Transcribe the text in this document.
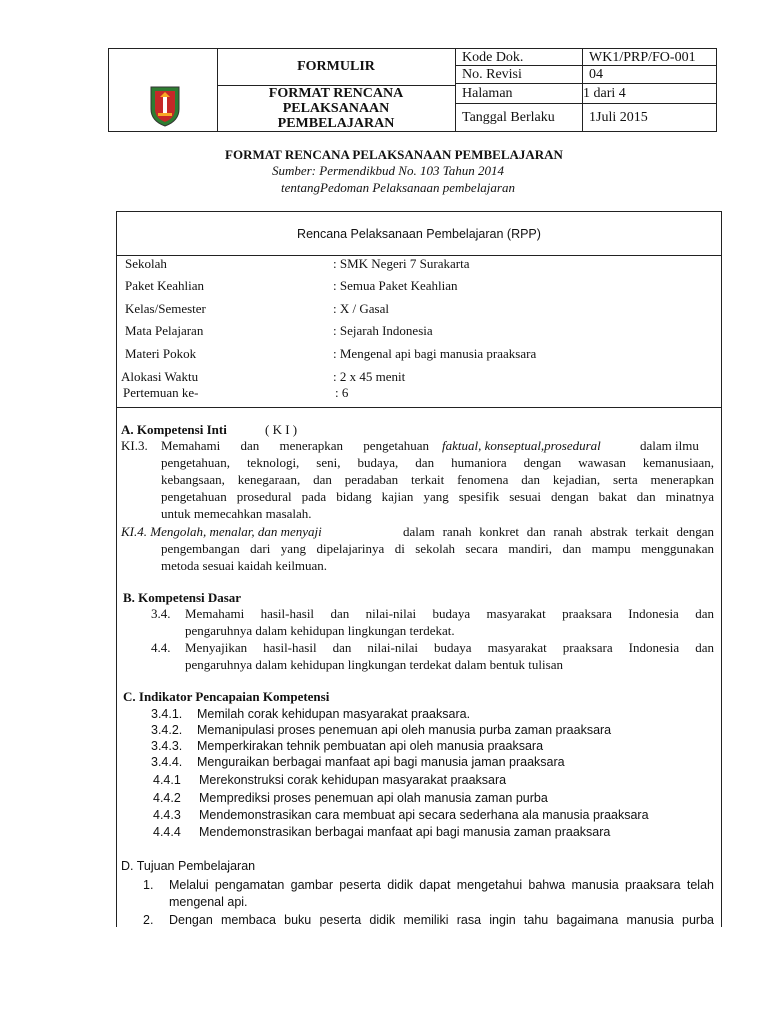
FORMULIR
FORMAT RENCANA
PELAKSANAAN
PEMBELAJARAN
Kode Dok.	WK1/PRP/FO-001
No. Revisi	04
Halaman	1 dari 4
Tanggal Berlaku 1Juli 2015
FORMAT RENCANA PELAKSANAAN PEMBELAJARAN
Sumber: Permendikbud No. 103 Tahun 2014
tentangPedoman Pelaksanaan pembelajaran
Rencana Pelaksanaan Pembelajaran (RPP)
Sekolah	: SMK Negeri 7 Surakarta
Paket Keahlian	: Semua Paket Keahlian
Kelas/Semester	: X / Gasal
Mata Pelajaran	: Sejarah Indonesia
Materi Pokok	: Mengenal api bagi manusia praaksara
Alokasi Waktu	: 2 x 45 menit
Pertemuan ke-	: 6
A. Kompetensi Inti	( K I )
KI.3. Memahami dan menerapkan pengetahuan faktual, konseptual,prosedural	dalam ilmu
pengetahuan, teknologi, seni, budaya, dan humaniora dengan wawasan kemanusiaan,
kebangsaan, kenegaraan, dan peradaban terkait fenomena dan kejadian, serta menerapkan
pengetahuan prosedural pada bidang kajian yang spesifik sesuai dengan bakat dan minatnya
untuk memecahkan masalah.
KI.4. Mengolah, menalar, dan menyaji	dalam ranah konkret dan ranah abstrak terkait dengan
pengembangan dari yang dipelajarinya di sekolah secara mandiri, dan mampu menggunakan
metoda sesuai kaidah keilmuan.
B. Kompetensi Dasar
3.4. Memahami hasil-hasil dan nilai-nilai budaya masyarakat praaksara Indonesia dan
pengaruhnya dalam kehidupan lingkungan terdekat.
4.4. Menyajikan hasil-hasil dan nilai-nilai budaya masyarakat praaksara Indonesia dan
pengaruhnya dalam kehidupan lingkungan terdekat dalam bentuk tulisan
C. Indikator Pencapaian Kompetensi
3.4.1. Memilah corak kehidupan masyarakat praaksara.
3.4.2. Memanipulasi proses penemuan api oleh manusia purba zaman praaksara
3.4.3. Memperkirakan tehnik pembuatan api oleh manusia praaksara
3.4.4. Menguraikan berbagai manfaat api bagi manusia jaman praaksara
4.4.1 Merekonstruksi corak kehidupan masyarakat praaksara
4.4.2 Memprediksi proses penemuan api olah manusia zaman purba
4.4.3 Mendemonstrasikan cara membuat api secara sederhana ala manusia praaksara
4.4.4 Mendemonstrasikan berbagai manfaat api bagi manusia zaman praaksara
D. Tujuan Pembelajaran
1. Melalui pengamatan gambar peserta didik dapat mengetahui bahwa manusia praaksara telah
mengenal api.
2. Dengan membaca buku peserta didik memiliki rasa ingin tahu bagaimana manusia purba
